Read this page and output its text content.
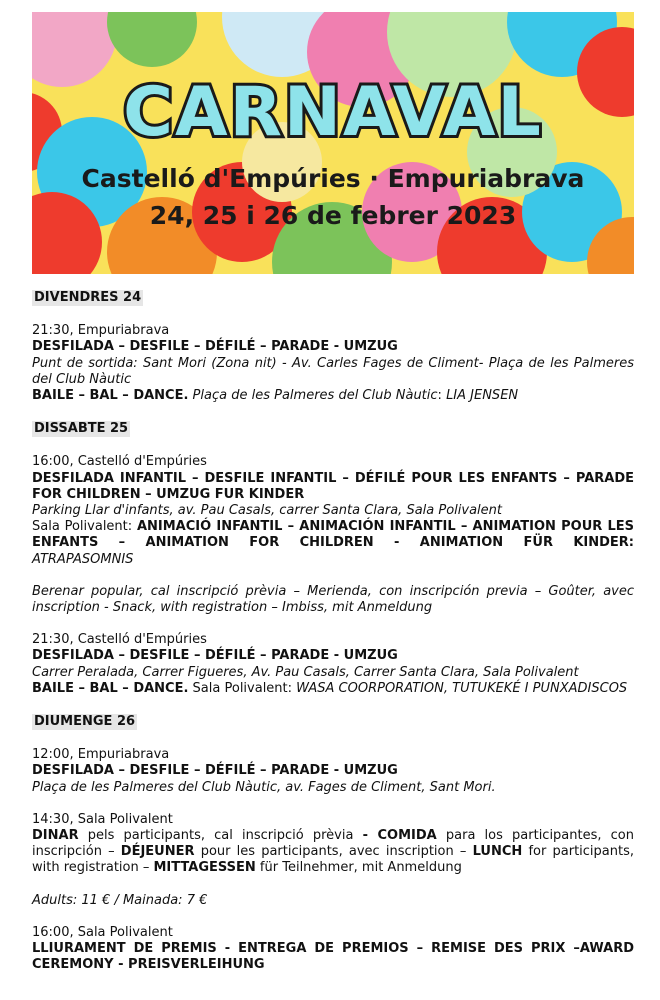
CARNAVAL
Castelló d'Empúries · Empuriabrava
24, 25 i 26 de febrer 2023

DIVENDRES 24

21:30, Empuriabrava

DESFILADA – DESFILE – DÉFILÉ – PARADE - UMZUG

Punt de sortida: Sant Mori (Zona nit) - Av. Carles Fages de Climent- Plaça de les Palmeres del Club Nàutic

BAILE – BAL – DANCE. Plaça de les Palmeres del Club Nàutic: LIA JENSEN

DISSABTE 25

16:00, Castelló d'Empúries

DESFILADA INFANTIL – DESFILE INFANTIL – DÉFILÉ POUR LES ENFANTS – PARADE FOR CHILDREN – UMZUG FUR KINDER

Parking Llar d'infants, av. Pau Casals, carrer Santa Clara, Sala Polivalent

Sala Polivalent: ANIMACIÓ INFANTIL – ANIMACIÓN INFANTIL – ANIMATION POUR LES ENFANTS – ANIMATION FOR CHILDREN - ANIMATION FÜR KINDER:

ATRAPASOMNIS

Berenar popular, cal inscripció prèvia – Merienda, con inscripción previa – Goûter, avec inscription - Snack, with registration – Imbiss, mit Anmeldung

21:30, Castelló d'Empúries

DESFILADA – DESFILE – DÉFILÉ – PARADE - UMZUG

Carrer Peralada, Carrer Figueres, Av. Pau Casals, Carrer Santa Clara, Sala Polivalent

BAILE – BAL – DANCE. Sala Polivalent: WASA COORPORATION, TUTUKEKÉ I PUNXADISCOS

DIUMENGE 26

12:00, Empuriabrava

DESFILADA – DESFILE – DÉFILÉ – PARADE - UMZUG

Plaça de les Palmeres del Club Nàutic, av. Fages de Climent, Sant Mori.

14:30, Sala Polivalent

DINAR pels participants, cal inscripció prèvia - COMIDA para los participantes, con inscripción – DÉJEUNER pour les participants, avec inscription – LUNCH for participants, with registration – MITTAGESSEN für Teilnehmer, mit Anmeldung

Adults: 11 € / Mainada: 7 €

16:00, Sala Polivalent

LLIURAMENT DE PREMIS - ENTREGA DE PREMIOS – REMISE DES PRIX –AWARD CEREMONY - PREISVERLEIHUNG
